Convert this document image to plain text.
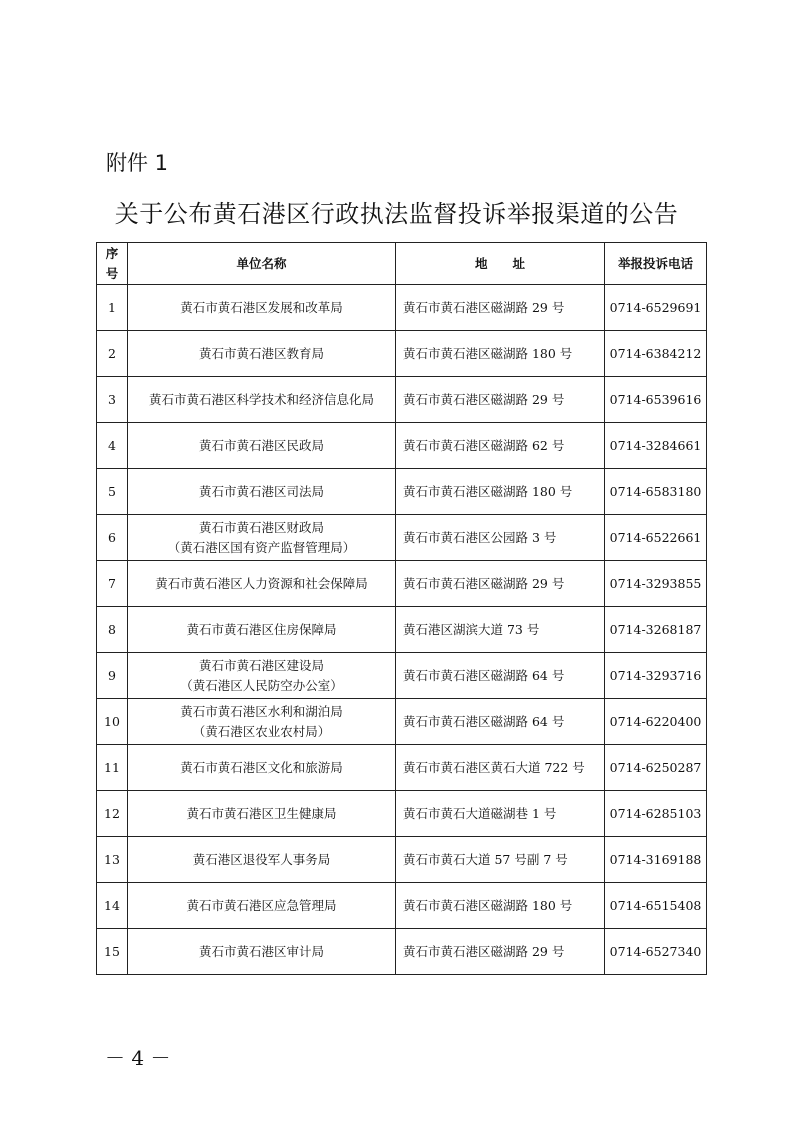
附件 1
关于公布黄石港区行政执法监督投诉举报渠道的公告
序
号	单位名称	地　　址	举报投诉电话
1	黄石市黄石港区发展和改革局	黄石市黄石港区磁湖路 29 号	0714-6529691
2	黄石市黄石港区教育局	黄石市黄石港区磁湖路 180 号	0714-6384212
3	黄石市黄石港区科学技术和经济信息化局	黄石市黄石港区磁湖路 29 号	0714-6539616
4	黄石市黄石港区民政局	黄石市黄石港区磁湖路 62 号	0714-3284661
5	黄石市黄石港区司法局	黄石市黄石港区磁湖路 180 号	0714-6583180
6	黄石市黄石港区财政局
（黄石港区国有资产监督管理局）	黄石市黄石港区公园路 3 号	0714-6522661
7	黄石市黄石港区人力资源和社会保障局	黄石市黄石港区磁湖路 29 号	0714-3293855
8	黄石市黄石港区住房保障局	黄石港区湖滨大道 73 号	0714-3268187
9	黄石市黄石港区建设局
（黄石港区人民防空办公室）	黄石市黄石港区磁湖路 64 号	0714-3293716
10	黄石市黄石港区水利和湖泊局
（黄石港区农业农村局）	黄石市黄石港区磁湖路 64 号	0714-6220400
11	黄石市黄石港区文化和旅游局	黄石市黄石港区黄石大道 722 号	0714-6250287
12	黄石市黄石港区卫生健康局	黄石市黄石大道磁湖巷 1 号	0714-6285103
13	黄石港区退役军人事务局	黄石市黄石大道 57 号副 7 号	0714-3169188
14	黄石市黄石港区应急管理局	黄石市黄石港区磁湖路 180 号	0714-6515408
15	黄石市黄石港区审计局	黄石市黄石港区磁湖路 29 号	0714-6527340
－ 4 －
